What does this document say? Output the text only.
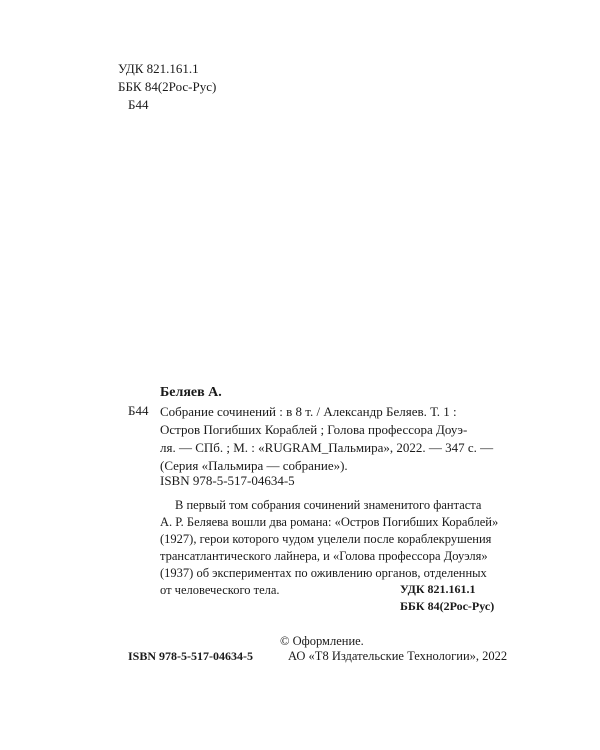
УДК 821.161.1
ББК 84(2Рос-Рус)
Б44
Беляев А.
Б44 Собрание сочинений : в 8 т. / Александр Беляев. Т. 1 :
Остров Погибших Кораблей ; Голова профессора Доуэ-
ля. — СПб. ; М. : «RUGRAM_Пальмира», 2022. — 347 с. —
(Серия «Пальмира — собрание»).
ISBN 978-5-517-04634-5
В первый том собрания сочинений знаменитого фантаста
А. Р. Беляева вошли два романа: «Остров Погибших Кораблей»
(1927), герои которого чудом уцелели после кораблекрушения
трансатлантического лайнера, и «Голова профессора Доуэля»
(1937) об экспериментах по оживлению органов, отделенных
от человеческого тела.	УДК 821.161.1
ББК 84(2Рос-Рус)
© Оформление.
ISBN 978-5-517-04634-5	АО «Т8 Издательские Технологии», 2022
